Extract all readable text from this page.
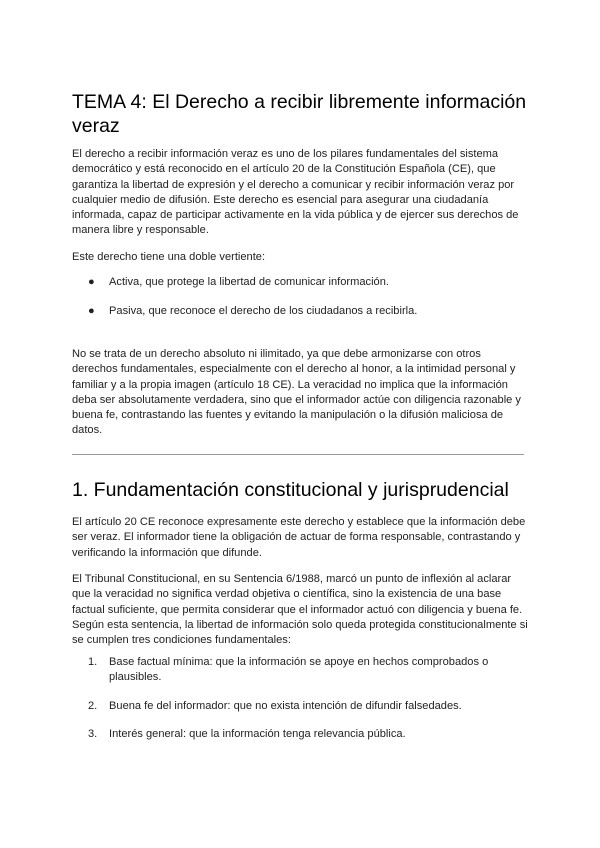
TEMA 4: El Derecho a recibir libremente información veraz

El derecho a recibir información veraz es uno de los pilares fundamentales del sistema democrático y está reconocido en el artículo 20 de la Constitución Española (CE), que garantiza la libertad de expresión y el derecho a comunicar y recibir información veraz por cualquier medio de difusión. Este derecho es esencial para asegurar una ciudadanía informada, capaz de participar activamente en la vida pública y de ejercer sus derechos de manera libre y responsable.

Este derecho tiene una doble vertiente:

● Activa, que protege la libertad de comunicar información.
● Pasiva, que reconoce el derecho de los ciudadanos a recibirla.

No se trata de un derecho absoluto ni ilimitado, ya que debe armonizarse con otros derechos fundamentales, especialmente con el derecho al honor, a la intimidad personal y familiar y a la propia imagen (artículo 18 CE). La veracidad no implica que la información deba ser absolutamente verdadera, sino que el informador actúe con diligencia razonable y buena fe, contrastando las fuentes y evitando la manipulación o la difusión maliciosa de datos.

1. Fundamentación constitucional y jurisprudencial

El artículo 20 CE reconoce expresamente este derecho y establece que la información debe ser veraz. El informador tiene la obligación de actuar de forma responsable, contrastando y verificando la información que difunde.

El Tribunal Constitucional, en su Sentencia 6/1988, marcó un punto de inflexión al aclarar que la veracidad no significa verdad objetiva o científica, sino la existencia de una base factual suficiente, que permita considerar que el informador actuó con diligencia y buena fe. Según esta sentencia, la libertad de información solo queda protegida constitucionalmente si se cumplen tres condiciones fundamentales:

1.	Base factual mínima: que la información se apoye en hechos comprobados o plausibles.
2.	Buena fe del informador: que no exista intención de difundir falsedades.
3.	Interés general: que la información tenga relevancia pública.
